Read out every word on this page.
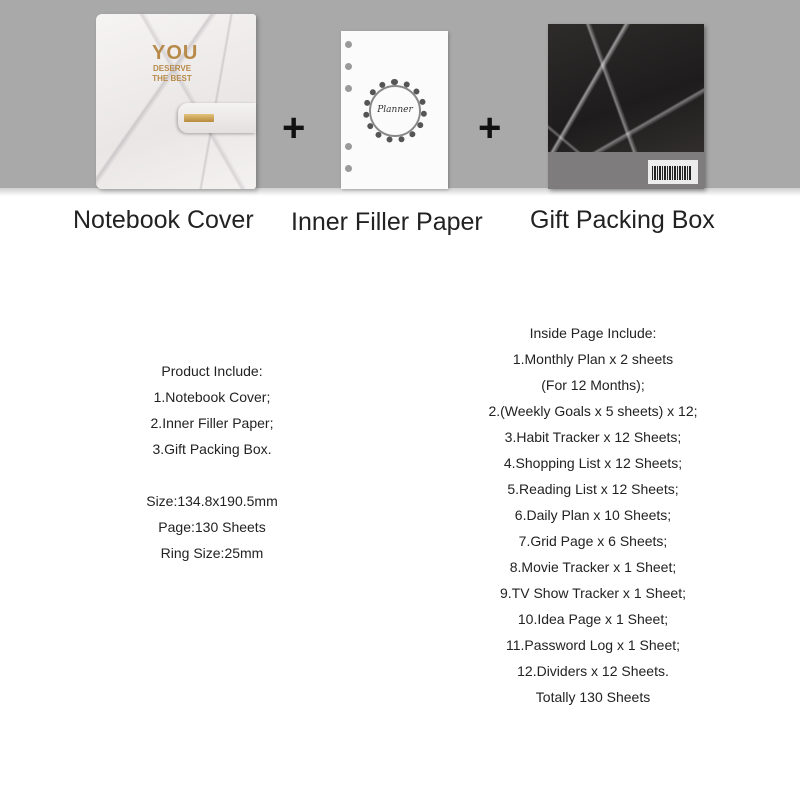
YOU
DESERVE
THE BEST
+	Planner	+
Notebook Cover Inner Filler Paper Gift Packing Box
Product Include:
1.Notebook Cover;
2.Inner Filler Paper;
3.Gift Packing Box.
Size:134.8x190.5mm
Page:130 Sheets
Ring Size:25mm
Inside Page Include:
1.Monthly Plan x 2 sheets
(For 12 Months);
2.(Weekly Goals x 5 sheets) x 12;
3.Habit Tracker x 12 Sheets;
4.Shopping List x 12 Sheets;
5.Reading List x 12 Sheets;
6.Daily Plan x 10 Sheets;
7.Grid Page x 6 Sheets;
8.Movie Tracker x 1 Sheet;
9.TV Show Tracker x 1 Sheet;
10.Idea Page x 1 Sheet;
11.Password Log x 1 Sheet;
12.Dividers x 12 Sheets.
Totally 130 Sheets
